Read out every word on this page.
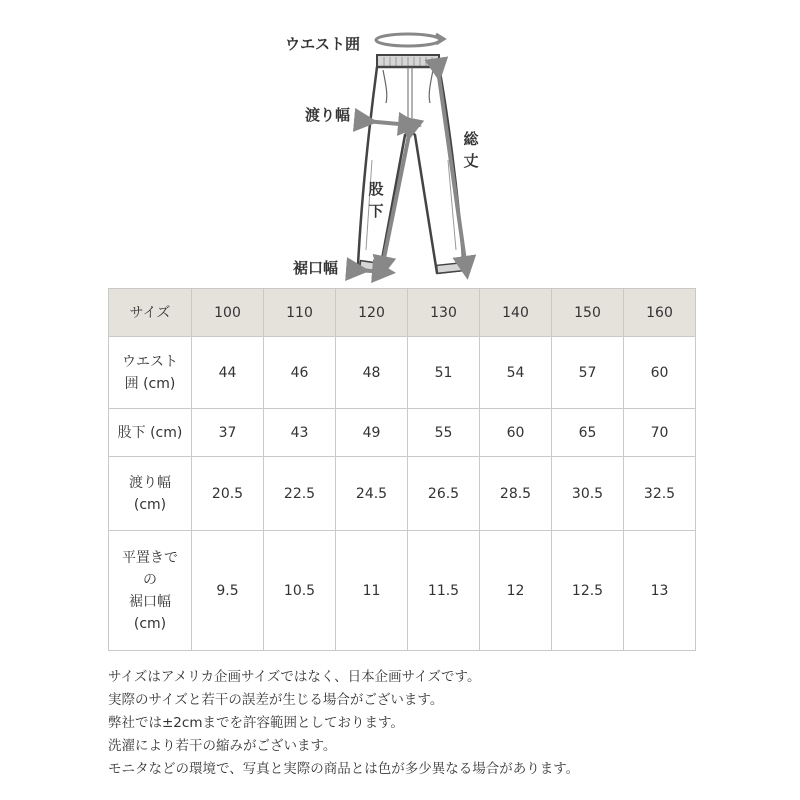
ウエスト囲
渡り幅
総丈
股下
裾口幅
サイズ	100	110	120	130	140	150	160
ウエスト
囲 (cm)	44	46	48	51	54	57	60
股下 (cm)	37	43	49	55	60	65	70
渡り幅
(cm)	20.5	22.5	24.5	26.5	28.5	30.5	32.5
平置きで
の
裾口幅
(cm)	9.5	10.5	11	11.5	12	12.5	13
サイズはアメリカ企画サイズではなく、日本企画サイズです。
実際のサイズと若干の誤差が生じる場合がございます。
弊社では±2cmまでを許容範囲としております。
洗濯により若干の縮みがございます。
モニタなどの環境で、写真と実際の商品とは色が多少異なる場合があります。
